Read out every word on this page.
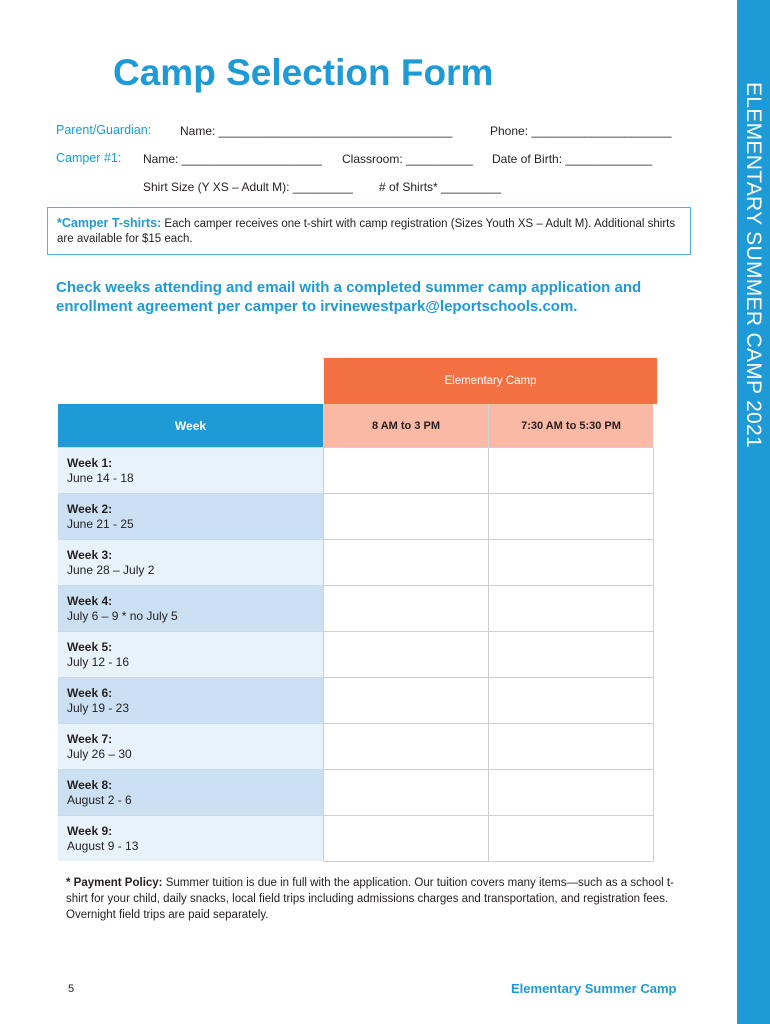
ELEMENTARY SUMMER CAMP 2021
Camp Selection Form
Parent/Guardian: Name: ___________________________________	Phone: _____________________
Camper #1: Name: _____________________ Classroom: __________ Date of Birth: _____________
Shirt Size (Y XS – Adult M): _________ # of Shirts* _________
*Camper T-shirts: Each camper receives one t-shirt with camp registration (Sizes Youth XS – Adult M). Additional shirts are available for $15 each.

Check weeks attending and email with a completed summer camp application and enrollment agreement per camper to irvinewestpark@leportschools.com.

Elementary Camp
Week	8 AM to 3 PM	7:30 AM to 5:30 PM

Week 1:
June 14 - 18		

Week 2:
June 21 - 25		

Week 3:
June 28 – July 2		

Week 4:
July 6 – 9 * no July 5		

Week 5:
July 12 - 16		

Week 6:
July 19 - 23		

Week 7:
July 26 – 30		

Week 8:
August 2 - 6		

Week 9:
August 9 - 13		

* Payment Policy: Summer tuition is due in full with the application. Our tuition covers many items—such as a school t-shirt for your child, daily snacks, local field trips including admissions charges and transportation, and registration fees. Overnight field trips are paid separately.

5	Elementary Summer Camp
